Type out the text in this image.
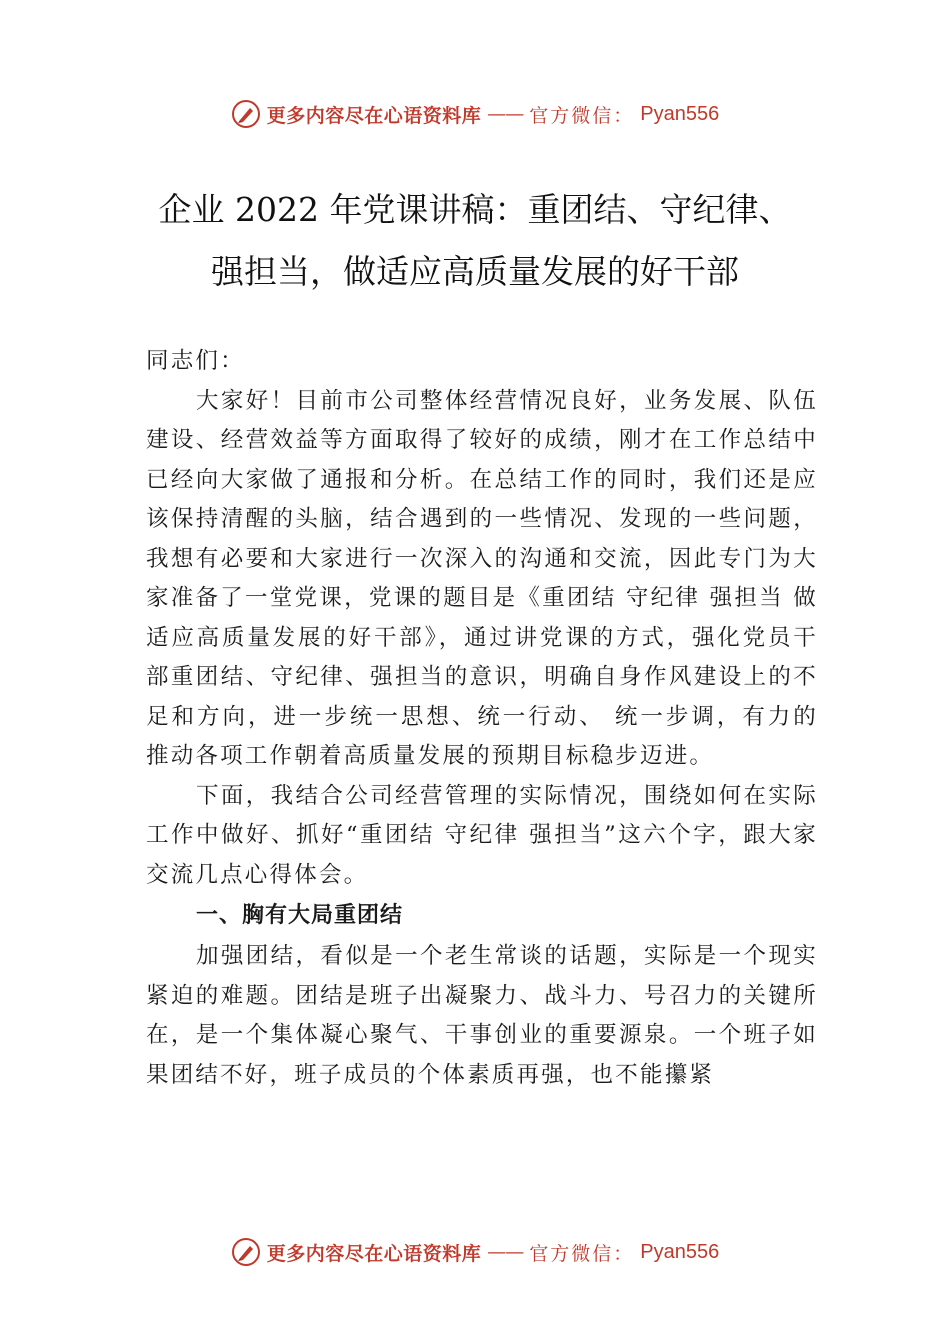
更多内容尽在心语资料库 —— 官方微信： Pyan556
企业 2022 年党课讲稿：重团结、守纪律、
强担当，做适应高质量发展的好干部

同志们：

大家好！目前市公司整体经营情况良好，业务发展、队伍建设、经营效益等方面取得了较好的成绩，刚才在工作总结中已经向大家做了通报和分析。在总结工作的同时，我们还是应该保持清醒的头脑，结合遇到的一些情况、发现的一些问题，我想有必要和大家进行一次深入的沟通和交流，因此专门为大家准备了一堂党课，党课的题目是《重团结 守纪律 强担当 做适应高质量发展的好干部》，通过讲党课的方式，强化党员干部重团结、守纪律、强担当的意识，明确自身作风建设上的不足和方向，进一步统一思想、统一行动、 统一步调，有力的推动各项工作朝着高质量发展的预期目标稳步迈进。

下面，我结合公司经营管理的实际情况，围绕如何在实际工作中做好、抓好“重团结 守纪律 强担当”这六个字，跟大家交流几点心得体会。

一、胸有大局重团结

加强团结，看似是一个老生常谈的话题，实际是一个现实紧迫的难题。团结是班子出凝聚力、战斗力、号召力的关键所在，是一个集体凝心聚气、干事创业的重要源泉。一个班子如果团结不好，班子成员的个体素质再强，也不能攥紧

更多内容尽在心语资料库 —— 官方微信： Pyan556
